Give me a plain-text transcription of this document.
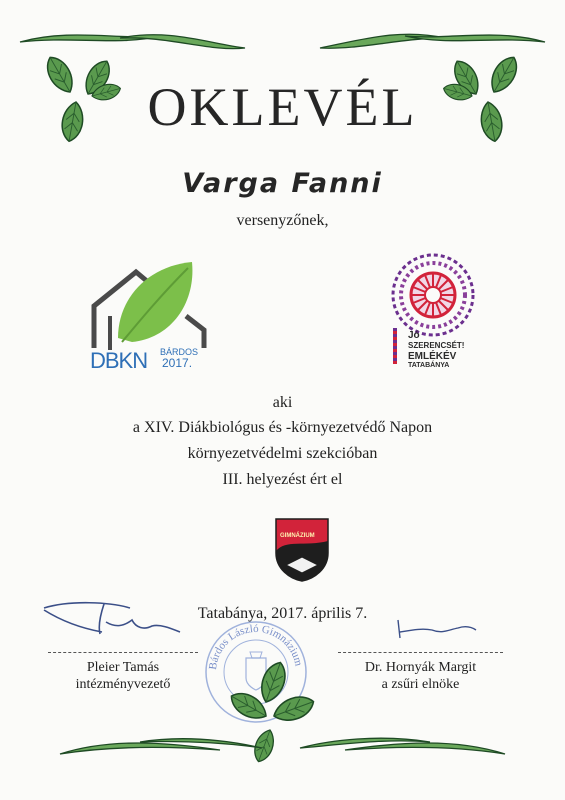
OKLEVÉL
Varga Fanni
versenyzőnek,
DBKN BÁRDOS
2017.
Jó
SZERENCSÉT!
EMLÉKÉV
TATABÁNYA
aki
a XIV. Diákbiológus és -környezetvédő Napon
környezetvédelmi szekcióban
III. helyezést ért el
GIMNÁZIUM
Tatabánya, 2017. április 7.
Pleier Tamás
intézményvezető
Dr. Hornyák Margit
a zsűri elnöke
Bárdos László Gimnázium
